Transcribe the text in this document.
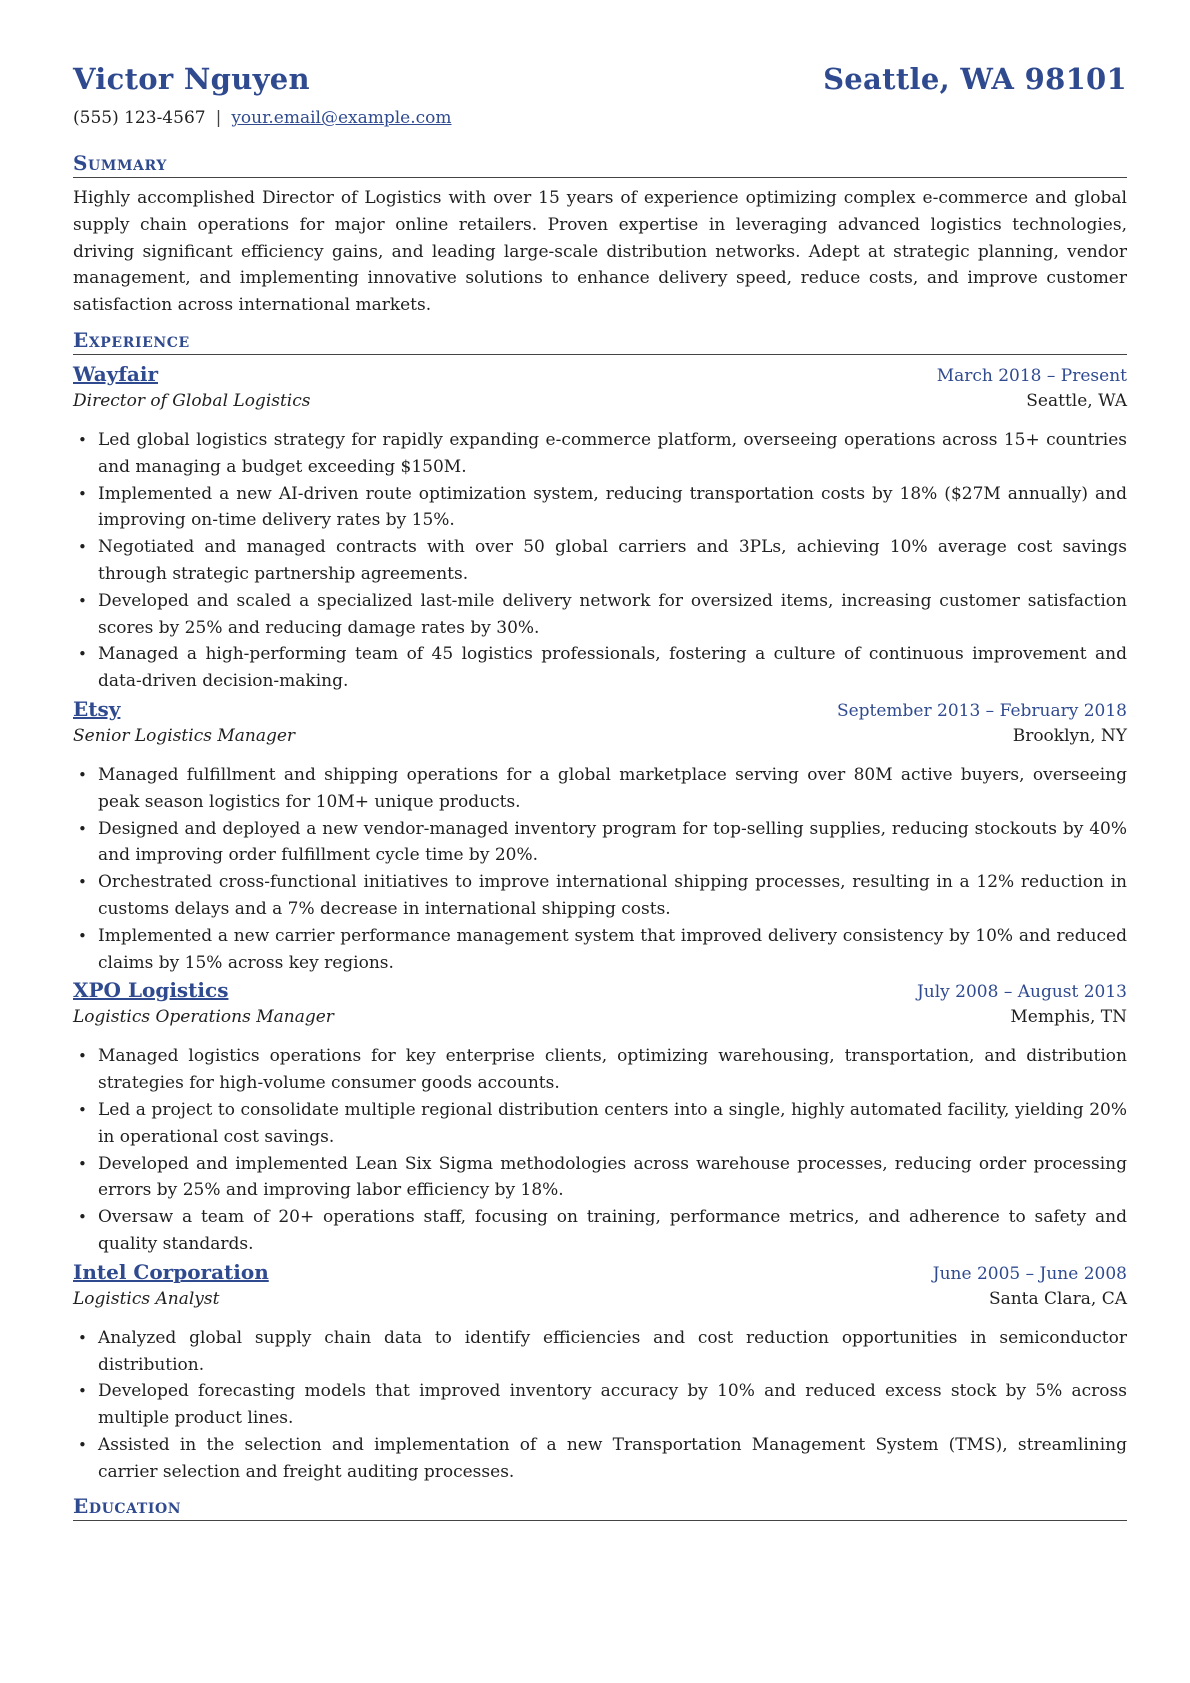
Victor Nguyen	Seattle, WA 98101
(555) 123-4567 | your.email@example.com
Summary

Highly accomplished Director of Logistics with over 15 years of experience optimizing complex e-commerce and global supply chain operations for major online retailers. Proven expertise in leveraging advanced logistics technologies, driving significant efficiency gains, and leading large-scale distribution networks. Adept at strategic planning, vendor management, and implementing innovative solutions to enhance delivery speed, reduce costs, and improve customer satisfaction across international markets.

Experience
Wayfair	March 2018 – Present
Director of Global Logistics	Seattle, WA
• Led global logistics strategy for rapidly expanding e-commerce platform, overseeing operations across 15+ countries and managing a budget exceeding $150M.
• Implemented a new AI-driven route optimization system, reducing transportation costs by 18% ($27M annually) and improving on-time delivery rates by 15%.
• Negotiated and managed contracts with over 50 global carriers and 3PLs, achieving 10% average cost savings through strategic partnership agreements.
• Developed and scaled a specialized last-mile delivery network for oversized items, increasing customer satisfaction scores by 25% and reducing damage rates by 30%.
• Managed a high-performing team of 45 logistics professionals, fostering a culture of continuous improvement and data-driven decision-making.
Etsy	September 2013 – February 2018
Senior Logistics Manager	Brooklyn, NY
• Managed fulfillment and shipping operations for a global marketplace serving over 80M active buyers, overseeing peak season logistics for 10M+ unique products.
• Designed and deployed a new vendor-managed inventory program for top-selling supplies, reducing stockouts by 40% and improving order fulfillment cycle time by 20%.
• Orchestrated cross-functional initiatives to improve international shipping processes, resulting in a 12% reduction in customs delays and a 7% decrease in international shipping costs.
• Implemented a new carrier performance management system that improved delivery consistency by 10% and reduced claims by 15% across key regions.
XPO Logistics	July 2008 – August 2013
Logistics Operations Manager	Memphis, TN
• Managed logistics operations for key enterprise clients, optimizing warehousing, transportation, and distribution strategies for high-volume consumer goods accounts.
• Led a project to consolidate multiple regional distribution centers into a single, highly automated facility, yielding 20% in operational cost savings.
• Developed and implemented Lean Six Sigma methodologies across warehouse processes, reducing order processing errors by 25% and improving labor efficiency by 18%.
• Oversaw a team of 20+ operations staff, focusing on training, performance metrics, and adherence to safety and quality standards.
Intel Corporation	June 2005 – June 2008
Logistics Analyst	Santa Clara, CA
• Analyzed global supply chain data to identify efficiencies and cost reduction opportunities in semiconductor distribution.
• Developed forecasting models that improved inventory accuracy by 10% and reduced excess stock by 5% across multiple product lines.
• Assisted in the selection and implementation of a new Transportation Management System (TMS), streamlining carrier selection and freight auditing processes.
Education
